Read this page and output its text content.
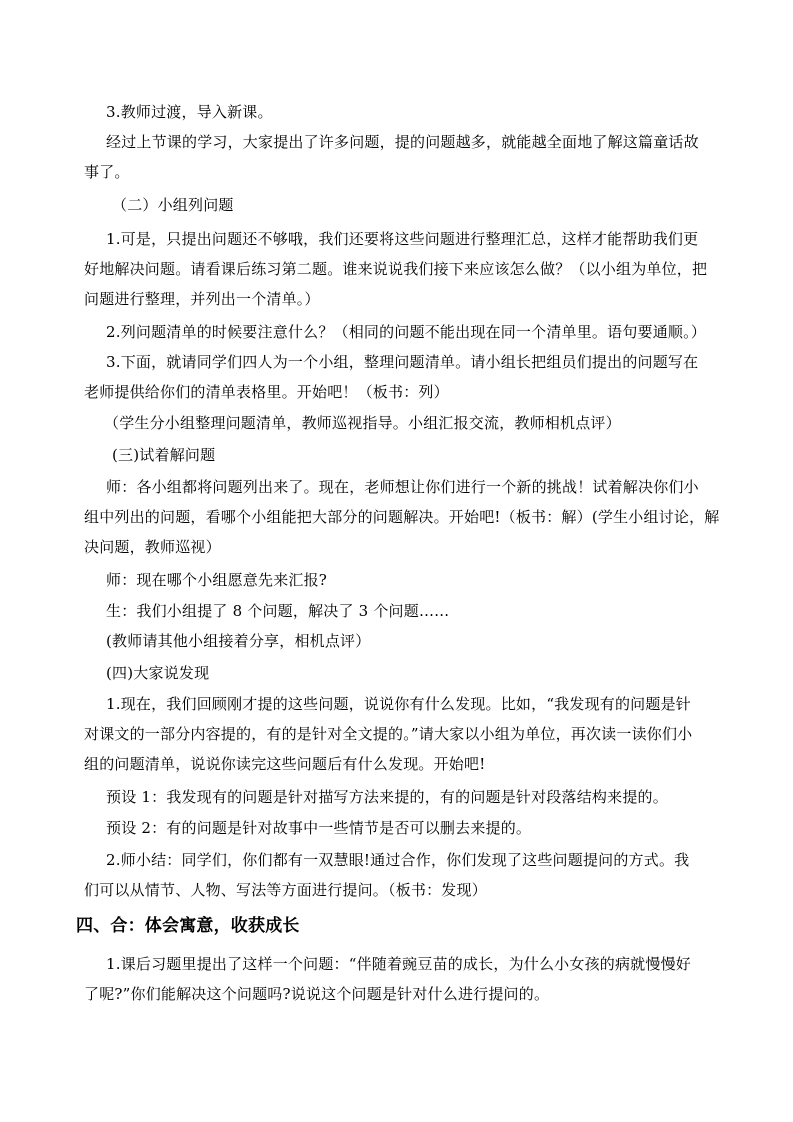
3.教师过渡，导入新课。
经过上节课的学习，大家提出了许多问题，提的问题越多，就能越全面地了解这篇童话故
事了。
（二）小组列问题
1.可是，只提出问题还不够哦，我们还要将这些问题进行整理汇总，这样才能帮助我们更
好地解决问题。请看课后练习第二题。谁来说说我们接下来应该怎么做？（以小组为单位，把
问题进行整理，并列出一个清单。）
2.列问题清单的时候要注意什么？（相同的问题不能出现在同一个清单里。语句要通顺。）
3.下面，就请同学们四人为一个小组，整理问题清单。请小组长把组员们提出的问题写在
老师提供给你们的清单表格里。开始吧！（板书：列）
（学生分小组整理问题清单，教师巡视指导。小组汇报交流，教师相机点评）
(三)试着解问题
师：各小组都将问题列出来了。现在，老师想让你们进行一个新的挑战！试着解决你们小
组中列出的问题，看哪个小组能把大部分的问题解决。开始吧!（板书：解）(学生小组讨论，解
决问题，教师巡视）
师：现在哪个小组愿意先来汇报?
生：我们小组提了 8 个问题，解决了 3 个问题……
(教师请其他小组接着分享，相机点评）
(四)大家说发现
1.现在，我们回顾刚才提的这些问题，说说你有什么发现。比如，“我发现有的问题是针
对课文的一部分内容提的，有的是针对全文提的。”请大家以小组为单位，再次读一读你们小
组的问题清单，说说你读完这些问题后有什么发现。开始吧!
预设 1：我发现有的问题是针对描写方法来提的，有的问题是针对段落结构来提的。
预设 2：有的问题是针对故事中一些情节是否可以删去来提的。
2.师小结：同学们，你们都有一双慧眼!通过合作，你们发现了这些问题提问的方式。我
们可以从情节、人物、写法等方面进行提问。（板书：发现）
四、合：体会寓意，收获成长
1.课后习题里提出了这样一个问题：“伴随着豌豆苗的成长，为什么小女孩的病就慢慢好
了呢?”你们能解决这个问题吗?说说这个问题是针对什么进行提问的。
